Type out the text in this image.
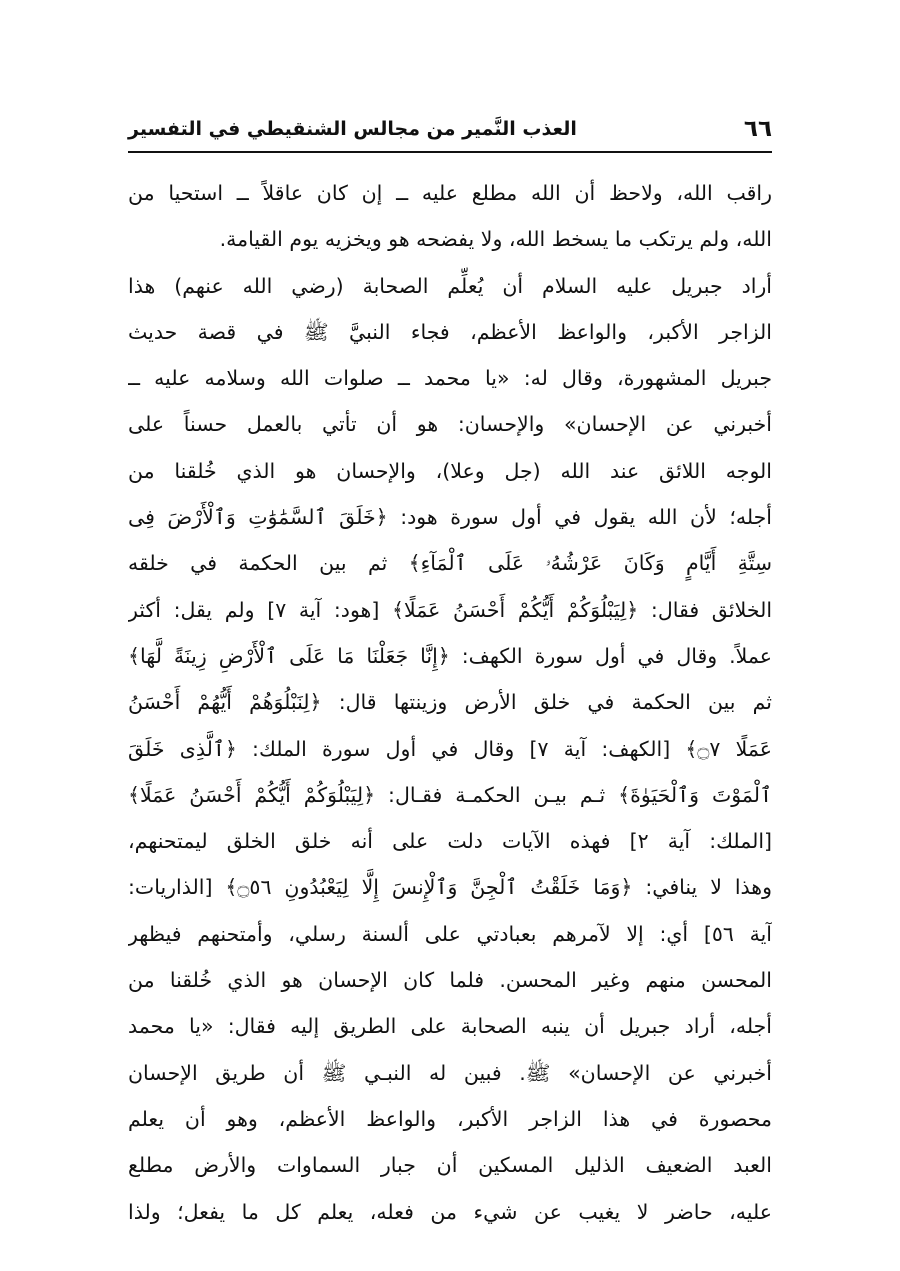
٦٦
العذب النَّمير من مجالس الشنقيطي في التفسير
راقب الله، ولاحظ أن الله مطلع عليه ــ إن كان عاقلاً ــ استحيا من
الله، ولم يرتكب ما يسخط الله، ولا يفضحه هو ويخزيه يوم القيامة.
أراد جبريل عليه السلام أن يُعلِّم الصحابة (رضي الله عنهم) هذا
الزاجر الأكبر، والواعظ الأعظم، فجاء النبيَّ ﷺ في قصة حديث
جبريل المشهورة، وقال له: «يا محمد ــ صلوات الله وسلامه عليه ــ
أخبرني عن الإحسان» والإحسان: هو أن تأتي بالعمل حسناً على
الوجه اللائق عند الله (جل وعلا)، والإحسان هو الذي خُلقنا من
أجله؛ لأن الله يقول في أول سورة هود: ﴿خَلَقَ ٱلسَّمَٰوَٰتِ وَٱلْأَرْضَ فِى
سِتَّةِ أَيَّامٍ وَكَانَ عَرْشُهُۥ عَلَى ٱلْمَآءِ﴾ ثم بين الحكمة في خلقه
الخلائق فقال: ﴿لِيَبْلُوَكُمْ أَيُّكُمْ أَحْسَنُ عَمَلًا﴾ [هود: آية ٧] ولم يقل: أكثر
عملاً. وقال في أول سورة الكهف: ﴿إِنَّا جَعَلْنَا مَا عَلَى ٱلْأَرْضِ زِينَةً لَّهَا﴾
ثم بين الحكمة في خلق الأرض وزينتها قال: ﴿لِنَبْلُوَهُمْ أَيُّهُمْ أَحْسَنُ
عَمَلًا ۝٧﴾ [الكهف: آية ٧] وقال في أول سورة الملك: ﴿ٱلَّذِى خَلَقَ
ٱلْمَوْتَ وَٱلْحَيَوٰةَ﴾ ثـم بيـن الحكمـة فقـال: ﴿لِيَبْلُوَكُمْ أَيُّكُمْ أَحْسَنُ عَمَلًا﴾
[الملك: آية ٢] فهذه الآيات دلت على أنه خلق الخلق ليمتحنهم،
وهذا لا ينافي: ﴿وَمَا خَلَقْتُ ٱلْجِنَّ وَٱلْإِنسَ إِلَّا لِيَعْبُدُونِ ۝٥٦﴾ [الذاريات:
آية ٥٦] أي: إلا لآمرهم بعبادتي على ألسنة رسلي، وأمتحنهم فيظهر
المحسن منهم وغير المحسن. فلما كان الإحسان هو الذي خُلقنا من
أجله، أراد جبريل أن ينبه الصحابة على الطريق إليه فقال: «يا محمد
أخبرني عن الإحسان» ﷺ. فبين له النبـي ﷺ أن طريق الإحسان
محصورة في هذا الزاجر الأكبر، والواعظ الأعظم، وهو أن يعلم
العبد الضعيف الذليل المسكين أن جبار السماوات والأرض مطلع
عليه، حاضر لا يغيب عن شيء من فعله، يعلم كل ما يفعل؛ ولذا
